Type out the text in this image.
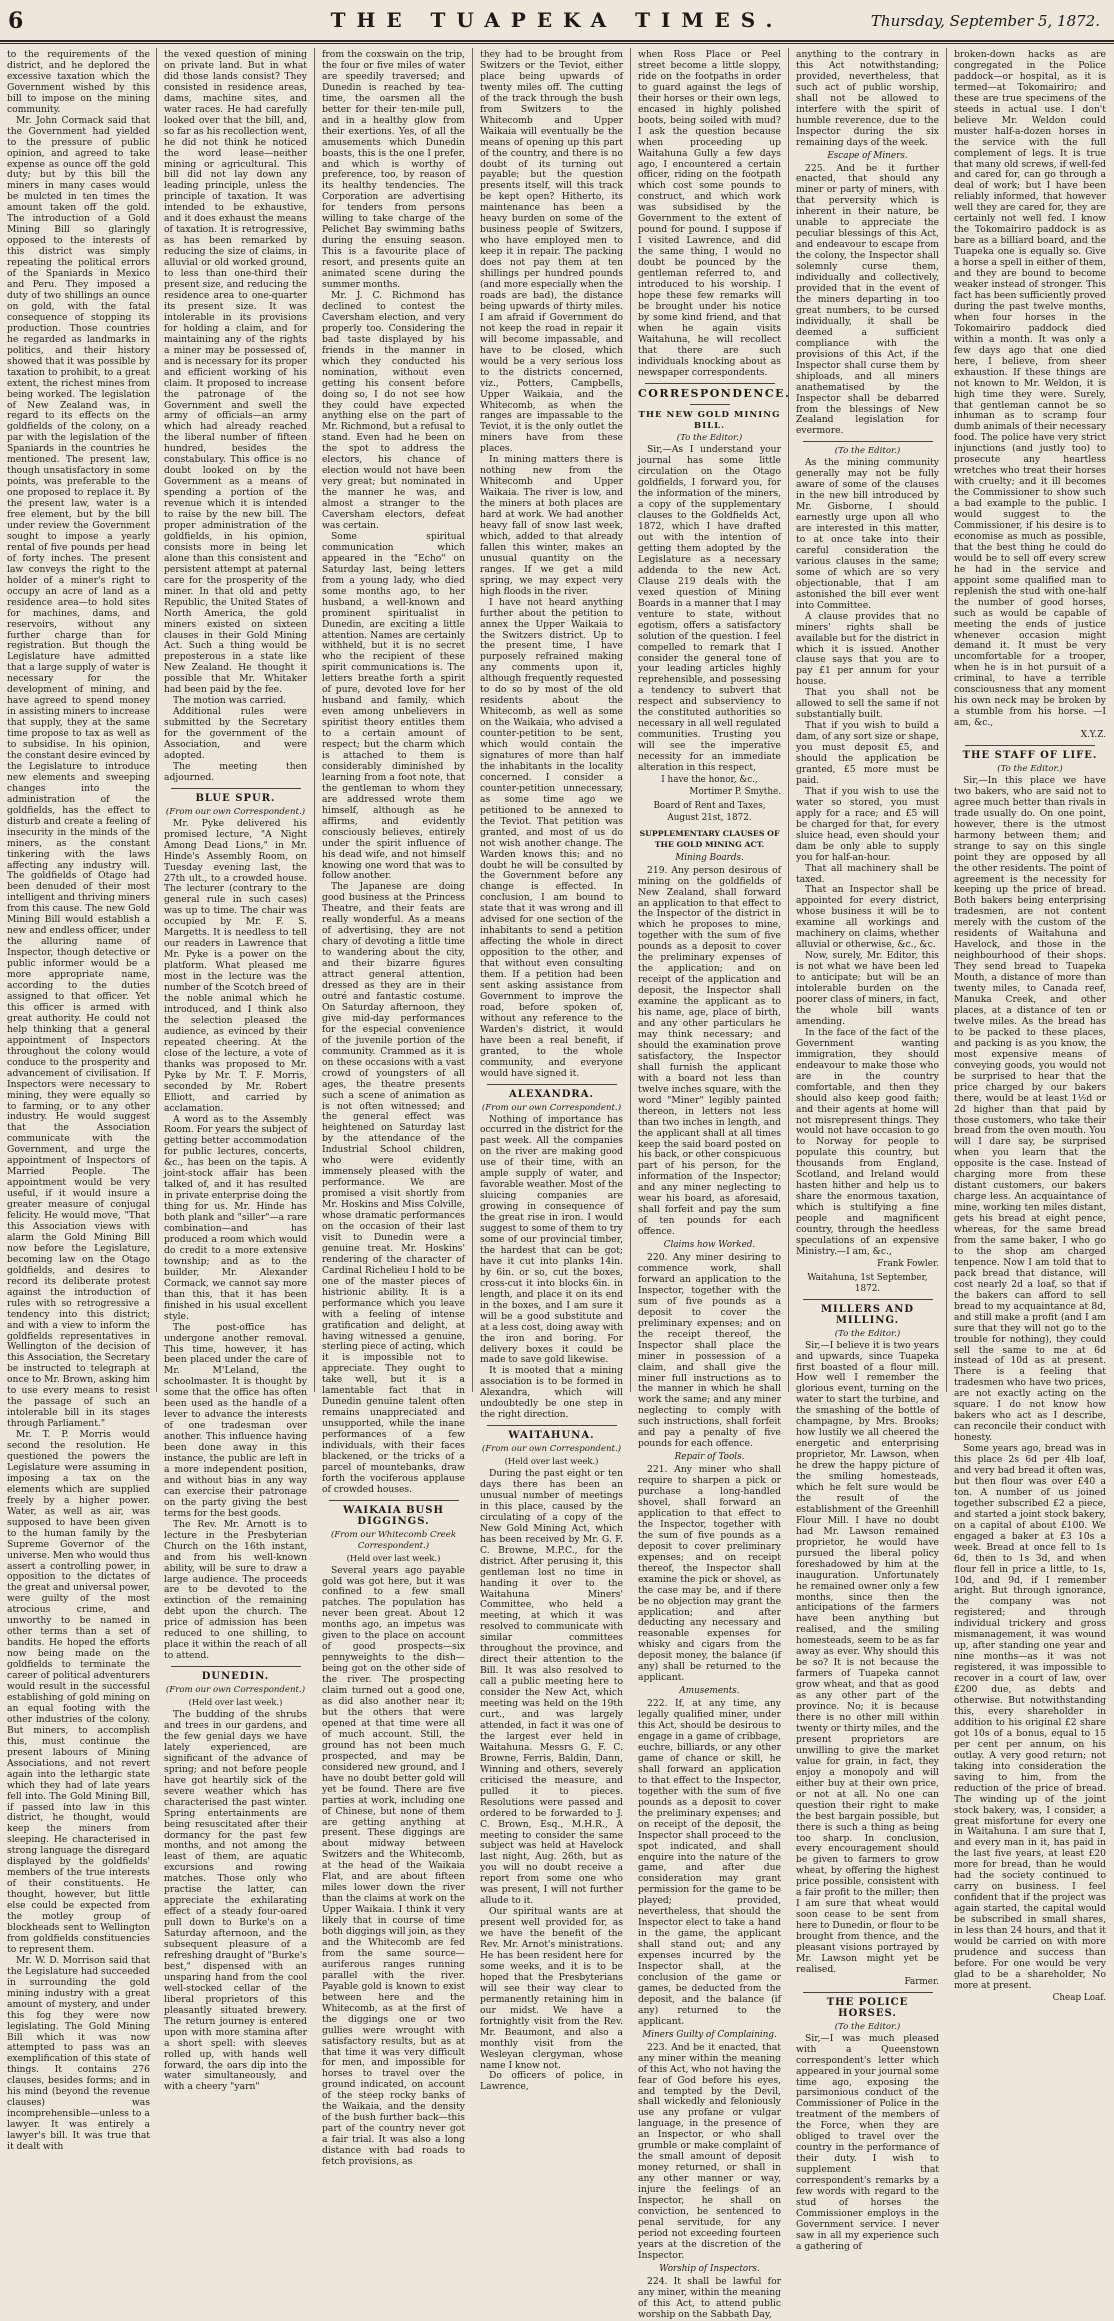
6	THE TUAPEKA TIMES.	Thursday, September 5, 1872.

to the requirements of the district, and he deplored the excessive taxation which the Government wished by this bill to impose on the mining community.

Mr. John Cormack said that the Government had yielded to the pressure of public opinion, and agreed to take expense as ounce off the gold duty; but by this bill the miners in many cases would be mulcted in ten times the amount taken off the gold. The introduction of a Gold Mining Bill so glaringly opposed to the interests of this district was simply repeating the political errors of the Spaniards in Mexico and Peru. They imposed a duty of two shillings an ounce on gold, with the fatal consequence of stopping its production. Those countries he regarded as landmarks in politics, and their history showed that it was possible by taxation to prohibit, to a great extent, the richest mines from being worked. The legislation of New Zealand was, in regard to its effects on the goldfields of the colony, on a par with the legislation of the Spaniards in the countries he mentioned. The present law, though unsatisfactory in some points, was preferable to the one proposed to replace it. By the present law, water is a free element, but by the bill under review the Government sought to impose a yearly rental of five pounds per head of forty inches. The present law conveys the right to the holder of a miner's right to occupy an acre of land as a residence area—to hold sites for machines, dams, and reservoirs, without any further charge than for registration. But though the Legislature have admitted that a large supply of water is necessary for the development of mining, and have agreed to spend money in assisting miners to increase that supply, they at the same time propose to tax as well as to subsidise. In his opinion, the constant desire evinced by the Legislature to introduce new elements and sweeping changes into the administration of the goldfields, has the effect to disturb and create a feeling of insecurity in the minds of the miners, as the constant tinkering with the laws affecting any industry will. The goldfields of Otago had been denuded of their most intelligent and thriving miners from this cause. The new Gold Mining Bill would establish a new and endless officer, under the alluring name of Inspector, though detective or public informer would be a more appropriate name, according to the duties assigned to that officer. Yet this officer is armed with great authority. He could not help thinking that a general appointment of Inspectors throughout the colony would conduce to the prosperity and advancement of civilisation. If Inspectors were necessary to mining, they were equally so to farming, or to any other industry. He would suggest that the Association communicate with the Government, and urge the appointment of Inspectors of Married People. The appointment would be very useful, if it would insure a greater measure of conjugal felicity. He would move, "That this Association views with alarm the Gold Mining Bill now before the Legislature, becoming law on the Otago goldfields, and desires to record its deliberate protest against the introduction of rules with so retrogressive a tendency into this district; and with a view to inform the goldfields representatives in Wellington of the decision of this Association, the Secretary be instructed to telegraph at once to Mr. Brown, asking him to use every means to resist the passage of such an intolerable bill in its stages through Parliament."

Mr. T. P. Morris would second the resolution. He questioned the powers the Legislature were assuming in imposing a tax on the elements which are supplied freely by a higher power. Water, as well as air, was supposed to have been given to the human family by the Supreme Governor of the universe. Men who would thus assert a controlling power, in opposition to the dictates of the great and universal power, were guilty of the most atrocious crime, and unworthy to be named in other terms than a set of bandits. He hoped the efforts now being made on the goldfields to terminate the career of political adventurers would result in the successful establishing of gold mining on an equal footing with the other industries of the colony. But miners, to accomplish this, must continue the present labours of Mining Associations, and not revert again into the lethargic state which they had of late years fell into. The Gold Mining Bill, if passed into law in this district, he thought, would keep the miners from sleeping. He characterised in strong language the disregard displayed by the goldfields' members of the true interests of their constituents. He thought, however, but little else could be expected from the motley group of blockheads sent to Wellington from goldfields constituencies to represent them.

Mr. W. D. Morrison said that the Legislature had succeeded in surrounding the gold mining industry with a great amount of mystery, and under this fog they were now legislating. The Gold Mining Bill which it was now attempted to pass was an exemplification of this state of things. It contains 276 clauses, besides forms; and in his mind (beyond the revenue clauses) was incomprehensible—unless to a lawyer. It was entirely a lawyer's bill. It was true that it dealt with

the vexed question of mining on private land. But in what did those lands consist? They consisted in residence areas, dams, machine sites, and water races. He had carefully looked over that the bill, and, so far as his recollection went, he did not think he noticed the word lease—neither mining or agricultural. This bill did not lay down any leading principle, unless the principle of taxation. It was intended to be exhaustive, and it does exhaust the means of taxation. It is retrogressive, as has been remarked by reducing the size of claims, in alluvial or old worked ground, to less than one-third their present size, and reducing the residence area to one-quarter its present size. It was intolerable in its provisions for holding a claim, and for maintaining any of the rights a miner may be possessed of, and is necessary for its proper and efficient working of his claim. It proposed to increase the patronage of the Government and swell the army of officials—an army which had already reached the liberal number of fifteen hundred, besides the constabulary. This office is no doubt looked on by the Government as a means of spending a portion of the revenue which it is intended to raise by the new bill. The proper administration of the goldfields, in his opinion, consists more in being let alone than this consistent and persistent attempt at paternal care for the prosperity of the miner. In that old and petty Republic, the United States of North America, the gold miners existed on sixteen clauses in their Gold Mining Act. Such a thing would be preposterous in a state like New Zealand. He thought it possible that Mr. Whitaker had been paid by the fee.

The motion was carried.

Additional rules were submitted by the Secretary for the government of the Association, and were adopted.

The meeting then adjourned.

BLUE SPUR.
(From our own Correspondent.)

Mr. Pyke delivered his promised lecture, "A Night Among Dead Lions," in Mr. Hinde's Assembly Room, on Tuesday evening last, the 27th ult., to a crowded house. The lecturer (contrary to the general rule in such cases) was up to time. The chair was occupied by Mr. F. S. Margetts. It is needless to tell our readers in Lawrence that Mr. Pyke is a power on the platform. What pleased me most in the lecture was the number of the Scotch breed of the noble animal which he introduced, and I think also the selection pleased the audience, as evinced by their repeated cheering. At the close of the lecture, a vote of thanks was proposed to Mr. Pyke by Mr. T. F. Morris, seconded by Mr. Robert Elliott, and carried by acclamation.

A word as to the Assembly Room. For years the subject of getting better accommodation for public lectures, concerts, &c., has been on the tapis. A joint-stock affair has been talked of, and it has resulted in private enterprise doing the thing for us. Mr. Hinde has both plank and "siller"—a rare combination—and has produced a room which would do credit to a more extensive township; and as to the builder, Mr. Alexander Cormack, we cannot say more than this, that it has been finished in his usual excellent style.

The post-office has undergone another removal. This time, however, it has been placed under the care of Mr. M'Leland, the schoolmaster. It is thought by some that the office has often been used as the handle of a lever to advance the interests of one tradesman over another. This influence having been done away in this instance, the public are left in a more independent position, and without bias in any way can exercise their patronage on the party giving the best terms for the best goods.

The Rev. Mr. Arnott is to lecture in the Presbyterian Church on the 16th instant, and from his well-known ability, will be sure to draw a large audience. The proceeds are to be devoted to the extinction of the remaining debt upon the church. The price of admission has been reduced to one shilling, to place it within the reach of all to attend.

DUNEDIN.
(From our own Correspondent.)
(Held over last week.)

The budding of the shrubs and trees in our gardens, and the few genial days we have lately experienced, are significant of the advance of spring; and not before people have got heartily sick of the severe weather which has characterised the past winter. Spring entertainments are being resuscitated after their dormancy for the past few months, and not among the least of them, are aquatic excursions and rowing matches. Those only who practise the latter, can appreciate the exhilarating effect of a steady four-oared pull down to Burke's on a Saturday afternoon, and the subsequent pleasure of a refreshing draught of "Burke's best," dispensed with an unsparing hand from the cool well-stocked cellar of the liberal proprietors of this pleasantly situated brewery. The return journey is entered upon with more stamina after a short spell: with sleeves rolled up, with hands well forward, the oars dip into the water simultaneously, and with a cheery "yarn"

from the coxswain on the trip, the four or five miles of water are speedily traversed; and Dunedin is reached by tea-time, the oarsmen all the better for their ten-mile pull, and in a healthy glow from their exertions. Yes, of all the amusements which Dunedin boasts, this is the one I prefer, and which is worthy of preference, too, by reason of its healthy tendencies. The Corporation are advertising for tenders from persons willing to take charge of the Pelichet Bay swimming baths during the ensuing season. This is a favourite place of resort, and presents quite an animated scene during the summer months.

Mr. J. C. Richmond has declined to contest the Caversham election, and very properly too. Considering the bad taste displayed by his friends in the manner in which they conducted his nomination, without even getting his consent before doing so, I do not see how they could have expected anything else on the part of Mr. Richmond, but a refusal to stand. Even had he been on the spot to address the electors, his chance of election would not have been very great; but nominated in the manner he was, and almost a stranger to the Caversham electors, defeat was certain.

Some spiritual communication which appeared in the "Echo" on Saturday last, being letters from a young lady, who died some months ago, to her husband, a well-known and prominent spiritualist in Dunedin, are exciting a little attention. Names are certainly withheld, but it is no secret who the recipient of these spirit communications is. The letters breathe forth a spirit of pure, devoted love for her husband and family, which even among unbelievers in spiritist theory entitles them to a certain amount of respect; but the charm which is attached to them is considerably diminished by learning from a foot note, that the gentleman to whom they are addressed wrote them himself, although as he affirms, and evidently consciously believes, entirely under the spirit influence of his dead wife, and not himself knowing one word that was to follow another.

The Japanese are doing good business at the Princess Theatre, and their feats are really wonderful. As a means of advertising, they are not chary of devoting a little time to wandering about the city, and their bizarre figures attract general attention, dressed as they are in their outré and fantastic costume. On Saturday afternoon, they give mid-day performances for the especial convenience of the juvenile portion of the community. Crammed as it is on these occasions with a vast crowd of youngsters of all ages, the theatre presents such a scene of animation as is not often witnessed; and the general effect was heightened on Saturday last by the attendance of the Industrial School children, who were evidently immensely pleased with the performance. We are promised a visit shortly from Mr. Hoskins and Miss Colville, whose dramatic performances on the occasion of their last visit to Dunedin were a genuine treat. Mr. Hoskins' rendering of the character of Cardinal Richelieu I hold to be one of the master pieces of histrionic ability. It is a performance which you leave with a feeling of intense gratification and delight, at having witnessed a genuine, sterling piece of acting, which it is impossible not to appreciate. They ought to take well, but it is a lamentable fact that in Dunedin genuine talent often remains unappreciated and unsupported, while the inane performances of a few individuals, with their faces blackened, or the tricks of a parcel of mountebanks, draw forth the vociferous applause of crowded houses.

WAIKAIA BUSH DIGGINGS.
(From our Whitecomb Creek Correspondent.)
(Held over last week.)

Several years ago payable gold was got here, but it was confined to a few small patches. The population has never been great. About 12 months ago, an impetus was given to the place on account of good prospects—six pennyweights to the dish—being got on the other side of the river. The prospecting claim turned out a good one, as did also another near it; but the others that were opened at that time were all of much account. Still, the ground has not been much prospected, and may be considered new ground, and I have no doubt better gold will yet be found. There are five parties at work, including one of Chinese, but none of them are getting anything at present. These diggings are about midway between Switzers and the Whitecomb, at the head of the Waikaia Flat, and are about fifteen miles lower down the river than the claims at work on the Upper Waikaia. I think it very likely that in course of time both diggings will join, as they and the Whitecomb are fed from the same source—auriferous ranges running parallel with the river. Payable gold is known to exist between here and the Whitecomb, as at the first of the diggings one or two gullies were wrought with satisfactory results, but as at that time it was very difficult for men, and impossible for horses to travel over the ground indicated, on account of the steep rocky banks of the Waikaia, and the density of the bush further back—this part of the country never got a fair trial. It was also a long distance with bad roads to fetch provisions, as

they had to be brought from Switzers or the Teviot, either place being upwards of twenty miles off. The cutting of the track through the bush from Switzers to the Whitecomb and Upper Waikaia will eventually be the means of opening up this part of the country, and there is no doubt of its turning out payable; but the question presents itself, will this track be kept open? Hitherto, its maintenance has been a heavy burden on some of the business people of Switzers, who have employed men to keep it in repair. The packing does not pay them at ten shillings per hundred pounds (and more especially when the roads are bad), the distance being upwards of thirty miles. I am afraid if Government do not keep the road in repair it will become impassable, and have to be closed, which would be a very serious loss to the districts concerned, viz., Potters, Campbells, Upper Waikaia, and the Whitecomb, as when the ranges are impassable to the Teviot, it is the only outlet the miners have from these places.

In mining matters there is nothing new from the Whitecomb and Upper Waikaia. The river is low, and the miners at both places are hard at work. We had another heavy fall of snow last week, which, added to that already fallen this winter, makes an unusual quantity on the ranges. If we get a mild spring, we may expect very high floods in the river.

I have not heard anything further about the petition to annex the Upper Waikaia to the Switzers district. Up to the present time, I have purposely refrained making any comments upon it, although frequently requested to do so by most of the old residents about the Whitecomb, as well as some on the Waikaia, who advised a counter-petition to be sent, which would contain the signatures of more than half the inhabitants in the locality concerned. I consider a counter-petition unnecessary, as some time ago we petitioned to be annexed to the Teviot. That petition was granted, and most of us do not wish another change. The Warden knows this; and no doubt he will be consulted by the Government before any change is effected. In conclusion, I am bound to state that it was wrong and ill advised for one section of the inhabitants to send a petition affecting the whole in direct opposition to the other, and that without even consulting them. If a petition had been sent asking assistance from Government to improve the road, before spoken of, without any reference to the Warden's district, it would have been a real benefit, if granted, to the whole community, and everyone would have signed it.

ALEXANDRA.
(From our own Correspondent.)

Nothing of importance has occurred in the district for the past week. All the companies on the river are making good use of their time, with an ample supply of water, and favorable weather. Most of the sluicing companies are growing in consequence of the great rise in iron. I would suggest to some of them to try some of our provincial timber, the hardest that can be got; have it cut into planks 14in. by 6in. or so, cut the boxes, cross-cut it into blocks 6in. in length, and place it on its end in the boxes, and I am sure it will be a good substitute and at a less cost, doing away with the iron and boring. For delivery boxes it could be made to save gold likewise.

It is mooted that a mining association is to be formed in Alexandra, which will undoubtedly be one step in the right direction.

WAITAHUNA.
(From our own Correspondent.)
(Held over last week.)

During the past eight or ten days there has been an unusual number of meetings in this place, caused by the circulating of a copy of the New Gold Mining Act, which has been received by Mr. G. F. C. Browne, M.P.C., for the district. After perusing it, this gentleman lost no time in handing it over to the Waitahuna Miners' Committee, who held a meeting, at which it was resolved to communicate with similar committees throughout the province, and direct their attention to the Bill. It was also resolved to call a public meeting here to consider the New Act, which meeting was held on the 19th curt., and was largely attended, in fact it was one of the largest ever held in Waitahuna. Messrs G. F. C. Browne, Ferris, Baldin, Dann, Winning and others, severely criticised the measure, and pulled it to pieces. Resolutions were passed and ordered to be forwarded to J. C. Brown, Esq., M.H.R., A meeting to consider the same subject was held at Havelock last night, Aug. 26th, but as you will no doubt receive a report from some one who was present, I will not further allude to it.

Our spiritual wants are at present well provided for, as we have the benefit of the Rev. Mr. Arnot's ministrations. He has been resident here for some weeks, and it is to be hoped that the Presbyterians will see their way clear to permanently retaining him in our midst. We have a fortnightly visit from the Rev. Mr. Beaumont, and also a monthly visit from the Wesleyan clergyman, whose name I know not.

Do officers of police, in Lawrence,

when Ross Place or Peel street become a little sloppy, ride on the footpaths in order to guard against the legs of their horses or their own legs, encased in highly polished boots, being soiled with mud? I ask the question because when proceeding up Waitahuna Gully a few days ago, I encountered a certain officer, riding on the footpath which cost some pounds to construct, and which work was subsidised by the Government to the extent of pound for pound. I suppose if I visited Lawrence, and did the same thing, I would no doubt be pounced by the gentleman referred to, and introduced to his worship. I hope these few remarks will be brought under his notice by some kind friend, and that when he again visits Waitahuna, he will recollect that there are such individuals knocking about as newspaper correspondents.

CORRESPONDENCE.
THE NEW GOLD MINING BILL.
(To the Editor.)

Sir,—As I understand your journal has some little circulation on the Otago goldfields, I forward you, for the information of the miners, a copy of the supplementary clauses to the Goldfields Act, 1872, which I have drafted out with the intention of getting them adopted by the Legislature as a necessary addenda to the new Act. Clause 219 deals with the vexed question of Mining Boards in a manner that I may venture to state, without egotism, offers a satisfactory solution of the question. I feel compelled to remark that I consider the general tone of your leading articles highly reprehensible, and possessing a tendency to subvert that respect and subserviency to the constituted authorities so necessary in all well regulated communities. Trusting you will see the imperative necessity for an immediate alteration in this respect,

I have the honor, &c.,
Mortimer P. Smythe.
Board of Rent and Taxes,
August 21st, 1872.
SUPPLEMENTARY CLAUSES OF THE GOLD MINING ACT.
Mining Boards.

219. Any person desirous of mining on the goldfields of New Zealand, shall forward an application to that effect to the Inspector of the district in which he proposes to mine, together with the sum of five pounds as a deposit to cover the preliminary expenses of the application; and on receipt of the application and deposit, the Inspector shall examine the applicant as to his name, age, place of birth, and any other particulars he may think necessary; and should the examination prove satisfactory, the Inspector shall furnish the applicant with a board not less than twelve inches square, with the word "Miner" legibly painted thereon, in letters not less than two inches in length, and the applicant shall at all times keep the said board posted on his back, or other conspicuous part of his person, for the information of the Inspector; and any miner neglecting to wear his board, as aforesaid, shall forfeit and pay the sum of ten pounds for each offence.

Claims how Worked.

220. Any miner desiring to commence work, shall forward an application to the Inspector, together with the sum of five pounds as a deposit to cover the preliminary expenses; and on the receipt thereof, the Inspector shall place the miner in possession of a claim, and shall give the miner full instructions as to the manner in which he shall work the same; and any miner neglecting to comply with such instructions, shall forfeit and pay a penalty of five pounds for each offence.

Repair of Tools.

221. Any miner who shall require to sharpen a pick or purchase a long-handled shovel, shall forward an application to that effect to the Inspector, together with the sum of five pounds as a deposit to cover preliminary expenses; and on receipt thereof, the Inspector shall examine the pick or shovel, as the case may be, and if there be no objection may grant the application; and after deducting any necessary and reasonable expenses for whisky and cigars from the deposit money, the balance (if any) shall be returned to the applicant.

Amusements.

222. If, at any time, any legally qualified miner, under this Act, should be desirous to engage in a game of cribbage, euchre, billiards, or any other game of chance or skill, he shall forward an application to that effect to the Inspector, together with the sum of five pounds as a deposit to cover the preliminary expenses; and on receipt of the deposit, the Inspector shall proceed to the spot indicated, and shall enquire into the nature of the game, and after due consideration may grant permission for the game to be played; provided, nevertheless, that should the Inspector elect to take a hand in the game, the applicant shall stand out; and any expenses incurred by the Inspector shall, at the conclusion of the game or games, be deducted from the deposit, and the balance (if any) returned to the applicant.

Miners Guilty of Complaining.

223. And be it enacted, that any miner within the meaning of this Act, who not having the fear of God before his eyes, and tempted by the Devil, shall wickedly and feloniously use any profane or vulgar language, in the presence of an Inspector, or who shall grumble or make complaint of the small amount of deposit money returned, or shall in any other manner or way, injure the feelings of an Inspector, he shall on conviction, be sentenced to penal servitude, for any period not exceeding fourteen years at the discretion of the Inspector.

Worship of Inspectors.

224. It shall be lawful for any miner, within the meaning of this Act, to attend public worship on the Sabbath Day,

anything to the contrary in this Act notwithstanding; provided, nevertheless, that such act of public worship, shall not be allowed to interfere with the spirit of humble reverence, due to the Inspector during the six remaining days of the week.

Escape of Miners.

225. And be it further enacted, that should any miner or party of miners, with that perversity which is inherent in their nature, be unable to appreciate the peculiar blessings of this Act, and endeavour to escape from the colony, the Inspector shall solemnly curse them, individually and collectively, provided that in the event of the miners departing in too great numbers, to be cursed individually, it shall be deemed a sufficient compliance with the provisions of this Act, if the Inspector shall curse them by shiploads, and all miners anathematised by the Inspector shall be debarred from the blessings of New Zealand legislation for evermore.

(To the Editor.)

As the mining community generally may not be fully aware of some of the clauses in the new bill introduced by Mr. Gisborne, I should earnestly urge upon all who are interested in this matter, to at once take into their careful consideration the various clauses in the same; some of which are so very objectionable, that I am astonished the bill ever went into Committee.

A clause provides that no miners' rights shall be available but for the district in which it is issued. Another clause says that you are to pay £1 per annum for your house.

That you shall not be allowed to sell the same if not substantially built.

That if you wish to build a dam, of any sort size or shape, you must deposit £5, and should the application be granted, £5 more must be paid.

That if you wish to use the water so stored, you must apply for a race; and £5 will be charged for that, for every sluice head, even should your dam be only able to supply you for half-an-hour.

That all machinery shall be taxed.

That an Inspector shall be appointed for every district, whose business it will be to examine all workings and machinery on claims, whether alluvial or otherwise, &c., &c.

Now, surely, Mr. Editor, this is not what we have been led to anticipate; but will be an intolerable burden on the poorer class of miners, in fact, the whole bill wants amending.

In the face of the fact of the Government wanting immigration, they should endeavour to make those who are in the country comfortable, and then they should also keep good faith; and their agents at home will not misrepresent things. They would not have occasion to go to Norway for people to populate this country, but thousands from England, Scotland, and Ireland would hasten hither and help us to share the enormous taxation, which is stultifying a fine people and magnificent country, through the heedless speculations of an expensive Ministry.—I am, &c.,

Frank Fowler.
Waitahuna, 1st September, 1872.
MILLERS AND MILLING.
(To the Editor.)

Sir,—I believe it is two years and upwards, since Tuapeka first boasted of a flour mill. How well I remember the glorious event, turning on the water to start the turbine, and the smashing of the bottle of champagne, by Mrs. Brooks; how lustily we all cheered the energetic and enterprising proprietor, Mr. Lawson, when he drew the happy picture of the smiling homesteads, which he felt sure would be the result of the establishment of the Greenhill Flour Mill. I have no doubt had Mr. Lawson remained proprietor, he would have pursued the liberal policy foreshadowed by him at the inauguration. Unfortunately he remained owner only a few months, since then the anticipations of the farmers have been anything but realised, and the smiling homesteads, seem to be as far away as ever. Why should this be so? It is not because the farmers of Tuapeka cannot grow wheat, and that as good as any other part of the province. No; it is because there is no other mill within twenty or thirty miles, and the present proprietors are unwilling to give the market value for grain, in fact, they enjoy a monopoly and will either buy at their own price, or not at all. No one can question their right to make the best bargain possible, but there is such a thing as being too sharp. In conclusion, every encouragement should be given to farmers to grow wheat, by offering the highest price possible, consistent with a fair profit to the miller; then I am sure that wheat would soon cease to be sent from here to Dunedin, or flour to be brought from thence, and the pleasant visions portrayed by Mr. Lawson might yet be realised.

Farmer.
THE POLICE HORSES.
(To the Editor.)

Sir,—I was much pleased with a Queenstown correspondent's letter which appeared in your journal some time ago, exposing the parsimonious conduct of the Commissioner of Police in the treatment of the members of the Force, when they are obliged to travel over the country in the performance of their duty. I wish to supplement that correspondent's remarks by a few words with regard to the stud of horses the Commissioner employs in the Government service. I never saw in all my experience such a gathering of

broken-down hacks as are congregated in the Police paddock—or hospital, as it is termed—at Tokomairiro; and these are true specimens of the steeds in actual use. I don't believe Mr. Weldon could muster half-a-dozen horses in the service with the full complement of legs. It is true that many old screws, if well-fed and cared for, can go through a deal of work; but I have been reliably informed, that however well they are cared for, they are certainly not well fed. I know the Tokomairiro paddock is as bare as a billiard board, and the Tuapeka one is equally so. Give a horse a spell in either of them, and they are bound to become weaker instead of stronger. This fact has been sufficiently proved during the past twelve months, when four horses in the Tokomairiro paddock died within a month. It was only a few days ago that one died here, I believe, from sheer exhaustion. If these things are not known to Mr. Weldon, it is high time they were. Surely, that gentleman cannot be so inhuman as to scramp four dumb animals of their necessary food. The police have very strict injunctions (and justly too) to prosecute any heartless wretches who treat their horses with cruelty; and it ill becomes the Commissioner to show such a bad example to the public. I would suggest to the Commissioner, if his desire is to economise as much as possible, that the best thing he could do would be to sell off every screw he had in the service and appoint some qualified man to replenish the stud with one-half the number of good horses, such as would be capable of meeting the ends of justice whenever occasion might demand it. It must be very uncomfortable for a trooper, when he is in hot pursuit of a criminal, to have a terrible consciousness that any moment his own neck may be broken by a stumble from his horse. —I am, &c.,

X.Y.Z.
THE STAFF OF LIFE.
(To the Editor.)

Sir,—In this place we have two bakers, who are said not to agree much better than rivals in trade usually do. On one point, however, there is the utmost harmony between them; and strange to say on this single point they are opposed by all the other residents. The point of agreement is the necessity for keeping up the price of bread. Both bakers being enterprising tradesmen, are not content merely with the custom of the residents of Waitahuna and Havelock, and those in the neighbourhood of their shops. They send bread to Tuapeka Mouth, a distance of more than twenty miles, to Canada reef, Manuka Creek, and other places, at a distance of ten or twelve miles. As the bread has to be packed to these places, and packing is as you know, the most expensive means of conveying goods, you would not be surprised to hear that the price charged by our bakers there, would be at least 1½d or 2d higher than that paid by those customers, who take their bread from the oven mouth. You will I dare say, be surprised when you learn that the opposite is the case. Instead of charging more from these distant customers, our bakers charge less. An acquaintance of mine, working ten miles distant, gets his bread at eight pence, whereas, for the same bread from the same baker, I who go to the shop am charged tenpence. Now I am told that to pack bread that distance, will cost nearly 2d a loaf, so that if the bakers can afford to sell bread to my acquaintance at 8d, and still make a profit (and I am sure that they will not go to the trouble for nothing), they could sell the same to me at 6d instead of 10d as at present. There is a feeling that tradesmen who have two prices, are not exactly acting on the square. I do not know how bakers who act as I describe, can reconcile their conduct with honesty.

Some years ago, bread was in this place 2s 6d per 4lb loaf, and very bad bread it often was, but then flour was over £40 a ton. A number of us joined together subscribed £2 a piece, and started a joint stock bakery, on a capital of about £100. We engaged a baker at £3 10s a week. Bread at once fell to 1s 6d, then to 1s 3d, and when flour fell in price a little, to 1s, 10d, and 9d, if I remember aright. But through ignorance, the company was not registered; and through individual trickery and gross mismanagement, it was wound up, after standing one year and nine months—as it was not registered, it was impossible to recover in a court of law, over £200 due, as debts and otherwise. But notwithstanding this, every shareholder in addition to his original £2 share got 10s of a bonus, equal to 15 per cent per annum, on his outlay. A very good return; not taking into consideration the saving to him, from the reduction of the price of bread. The winding up of the joint stock bakery, was, I consider, a great misfortune for every one in Waitahuna. I am sure that I, and every man in it, has paid in the last five years, at least £20 more for bread, than he would had the society continued to carry on business. I feel confident that if the project was again started, the capital would be subscribed in small shares, in less than 24 hours, and that it would be carried on with more prudence and success than before. For one would be very glad to be a shareholder, No more at present.

Cheap Loaf.
